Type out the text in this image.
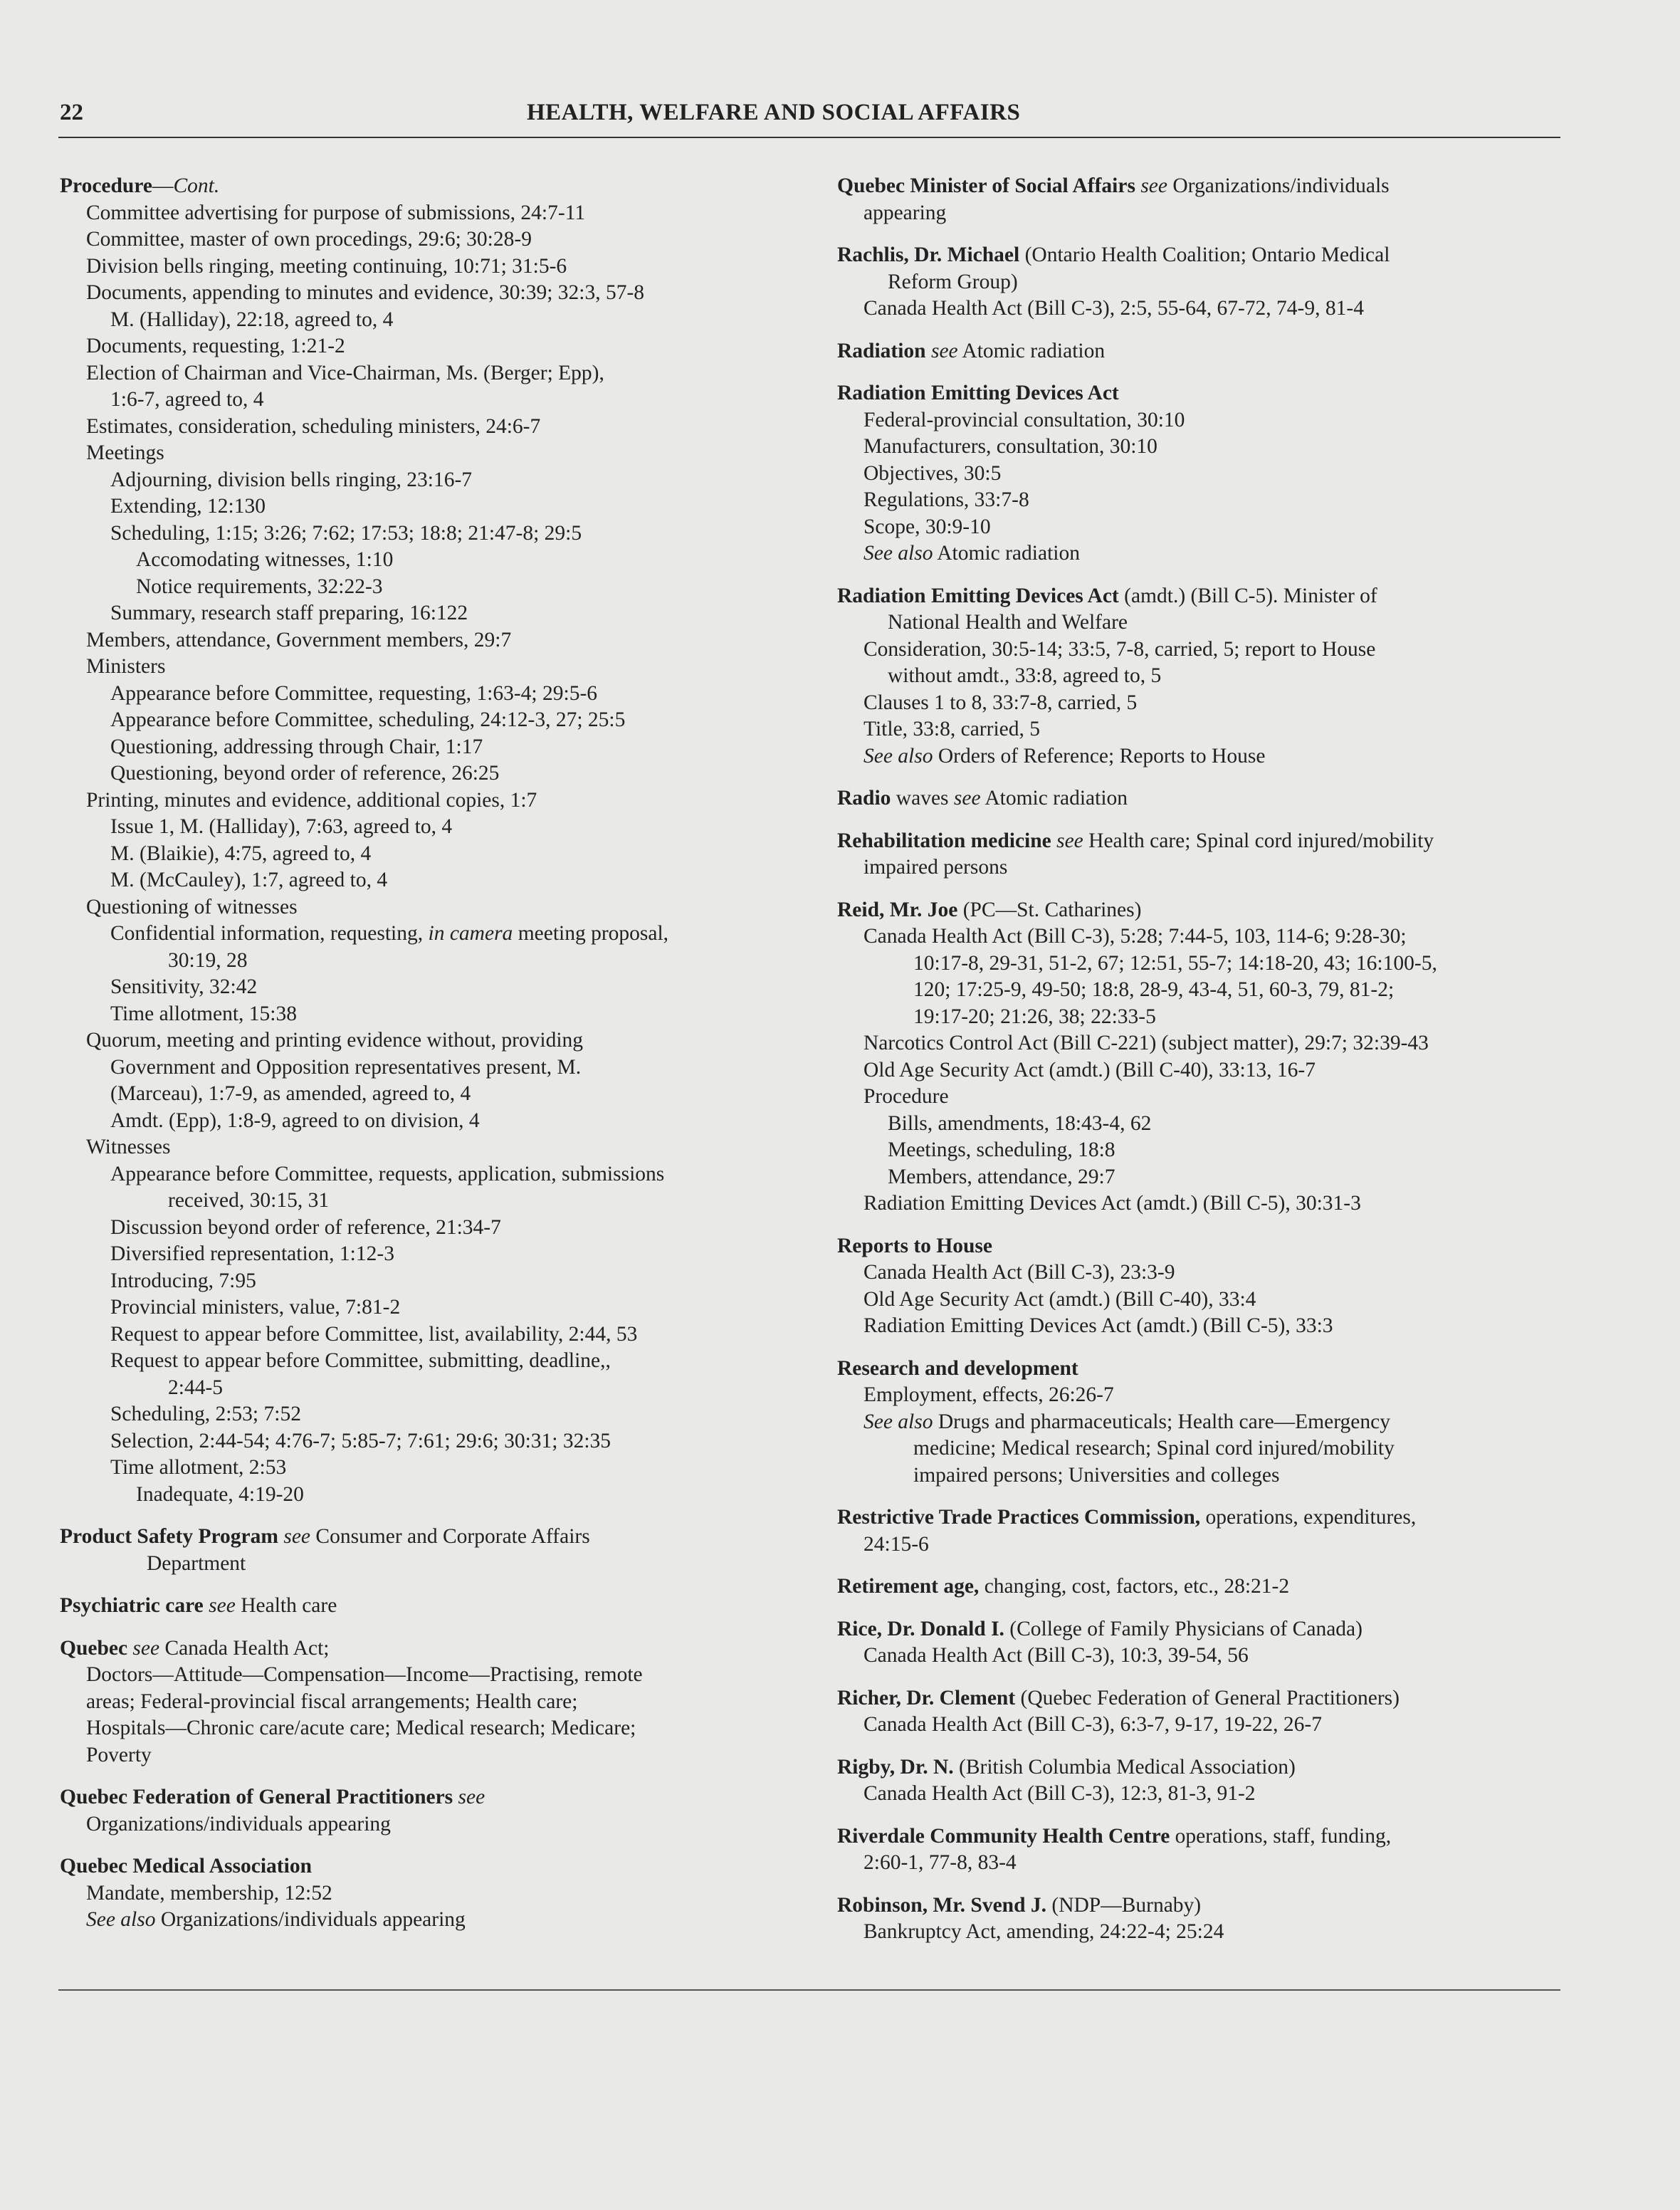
22	HEALTH, WELFARE AND SOCIAL AFFAIRS
Procedure—Cont.
Committee advertising for purpose of submissions, 24:7-11
Committee, master of own procedings, 29:6; 30:28-9
Division bells ringing, meeting continuing, 10:71; 31:5-6
Documents, appending to minutes and evidence, 30:39; 32:3, 57-8
M. (Halliday), 22:18, agreed to, 4
Documents, requesting, 1:21-2
Election of Chairman and Vice-Chairman, Ms. (Berger; Epp),
1:6-7, agreed to, 4
Estimates, consideration, scheduling ministers, 24:6-7
Meetings
Adjourning, division bells ringing, 23:16-7
Extending, 12:130
Scheduling, 1:15; 3:26; 7:62; 17:53; 18:8; 21:47-8; 29:5
Accomodating witnesses, 1:10
Notice requirements, 32:22-3
Summary, research staff preparing, 16:122
Members, attendance, Government members, 29:7
Ministers
Appearance before Committee, requesting, 1:63-4; 29:5-6
Appearance before Committee, scheduling, 24:12-3, 27; 25:5
Questioning, addressing through Chair, 1:17
Questioning, beyond order of reference, 26:25
Printing, minutes and evidence, additional copies, 1:7
Issue 1, M. (Halliday), 7:63, agreed to, 4
M. (Blaikie), 4:75, agreed to, 4
M. (McCauley), 1:7, agreed to, 4
Questioning of witnesses
Confidential information, requesting, in camera meeting proposal,
30:19, 28
Sensitivity, 32:42
Time allotment, 15:38
Quorum, meeting and printing evidence without, providing
Government and Opposition representatives present, M.
(Marceau), 1:7-9, as amended, agreed to, 4
Amdt. (Epp), 1:8-9, agreed to on division, 4
Witnesses
Appearance before Committee, requests, application, submissions
received, 30:15, 31
Discussion beyond order of reference, 21:34-7
Diversified representation, 1:12-3
Introducing, 7:95
Provincial ministers, value, 7:81-2
Request to appear before Committee, list, availability, 2:44, 53
Request to appear before Committee, submitting, deadline,,
2:44-5
Scheduling, 2:53; 7:52
Selection, 2:44-54; 4:76-7; 5:85-7; 7:61; 29:6; 30:31; 32:35
Time allotment, 2:53
Inadequate, 4:19-20
Product Safety Program see Consumer and Corporate Affairs
Department
Psychiatric care see Health care
Quebec see Canada Health Act;
Doctors—Attitude—Compensation—Income—Practising, remote
areas; Federal-provincial fiscal arrangements; Health care;
Hospitals—Chronic care/acute care; Medical research; Medicare;
Poverty
Quebec Federation of General Practitioners see
Organizations/individuals appearing
Quebec Medical Association
Mandate, membership, 12:52
See also Organizations/individuals appearing
Quebec Minister of Social Affairs see Organizations/individuals
appearing
Rachlis, Dr. Michael (Ontario Health Coalition; Ontario Medical
Reform Group)
Canada Health Act (Bill C-3), 2:5, 55-64, 67-72, 74-9, 81-4
Radiation see Atomic radiation
Radiation Emitting Devices Act
Federal-provincial consultation, 30:10
Manufacturers, consultation, 30:10
Objectives, 30:5
Regulations, 33:7-8
Scope, 30:9-10
See also Atomic radiation
Radiation Emitting Devices Act (amdt.) (Bill C-5). Minister of
National Health and Welfare
Consideration, 30:5-14; 33:5, 7-8, carried, 5; report to House
without amdt., 33:8, agreed to, 5
Clauses 1 to 8, 33:7-8, carried, 5
Title, 33:8, carried, 5
See also Orders of Reference; Reports to House
Radio waves see Atomic radiation
Rehabilitation medicine see Health care; Spinal cord injured/mobility
impaired persons
Reid, Mr. Joe (PC—St. Catharines)
Canada Health Act (Bill C-3), 5:28; 7:44-5, 103, 114-6; 9:28-30;
10:17-8, 29-31, 51-2, 67; 12:51, 55-7; 14:18-20, 43; 16:100-5,
120; 17:25-9, 49-50; 18:8, 28-9, 43-4, 51, 60-3, 79, 81-2;
19:17-20; 21:26, 38; 22:33-5
Narcotics Control Act (Bill C-221) (subject matter), 29:7; 32:39-43
Old Age Security Act (amdt.) (Bill C-40), 33:13, 16-7
Procedure
Bills, amendments, 18:43-4, 62
Meetings, scheduling, 18:8
Members, attendance, 29:7
Radiation Emitting Devices Act (amdt.) (Bill C-5), 30:31-3
Reports to House
Canada Health Act (Bill C-3), 23:3-9
Old Age Security Act (amdt.) (Bill C-40), 33:4
Radiation Emitting Devices Act (amdt.) (Bill C-5), 33:3
Research and development
Employment, effects, 26:26-7
See also Drugs and pharmaceuticals; Health care—Emergency
medicine; Medical research; Spinal cord injured/mobility
impaired persons; Universities and colleges
Restrictive Trade Practices Commission, operations, expenditures,
24:15-6
Retirement age, changing, cost, factors, etc., 28:21-2
Rice, Dr. Donald I. (College of Family Physicians of Canada)
Canada Health Act (Bill C-3), 10:3, 39-54, 56
Richer, Dr. Clement (Quebec Federation of General Practitioners)
Canada Health Act (Bill C-3), 6:3-7, 9-17, 19-22, 26-7
Rigby, Dr. N. (British Columbia Medical Association)
Canada Health Act (Bill C-3), 12:3, 81-3, 91-2
Riverdale Community Health Centre operations, staff, funding,
2:60-1, 77-8, 83-4
Robinson, Mr. Svend J. (NDP—Burnaby)
Bankruptcy Act, amending, 24:22-4; 25:24
